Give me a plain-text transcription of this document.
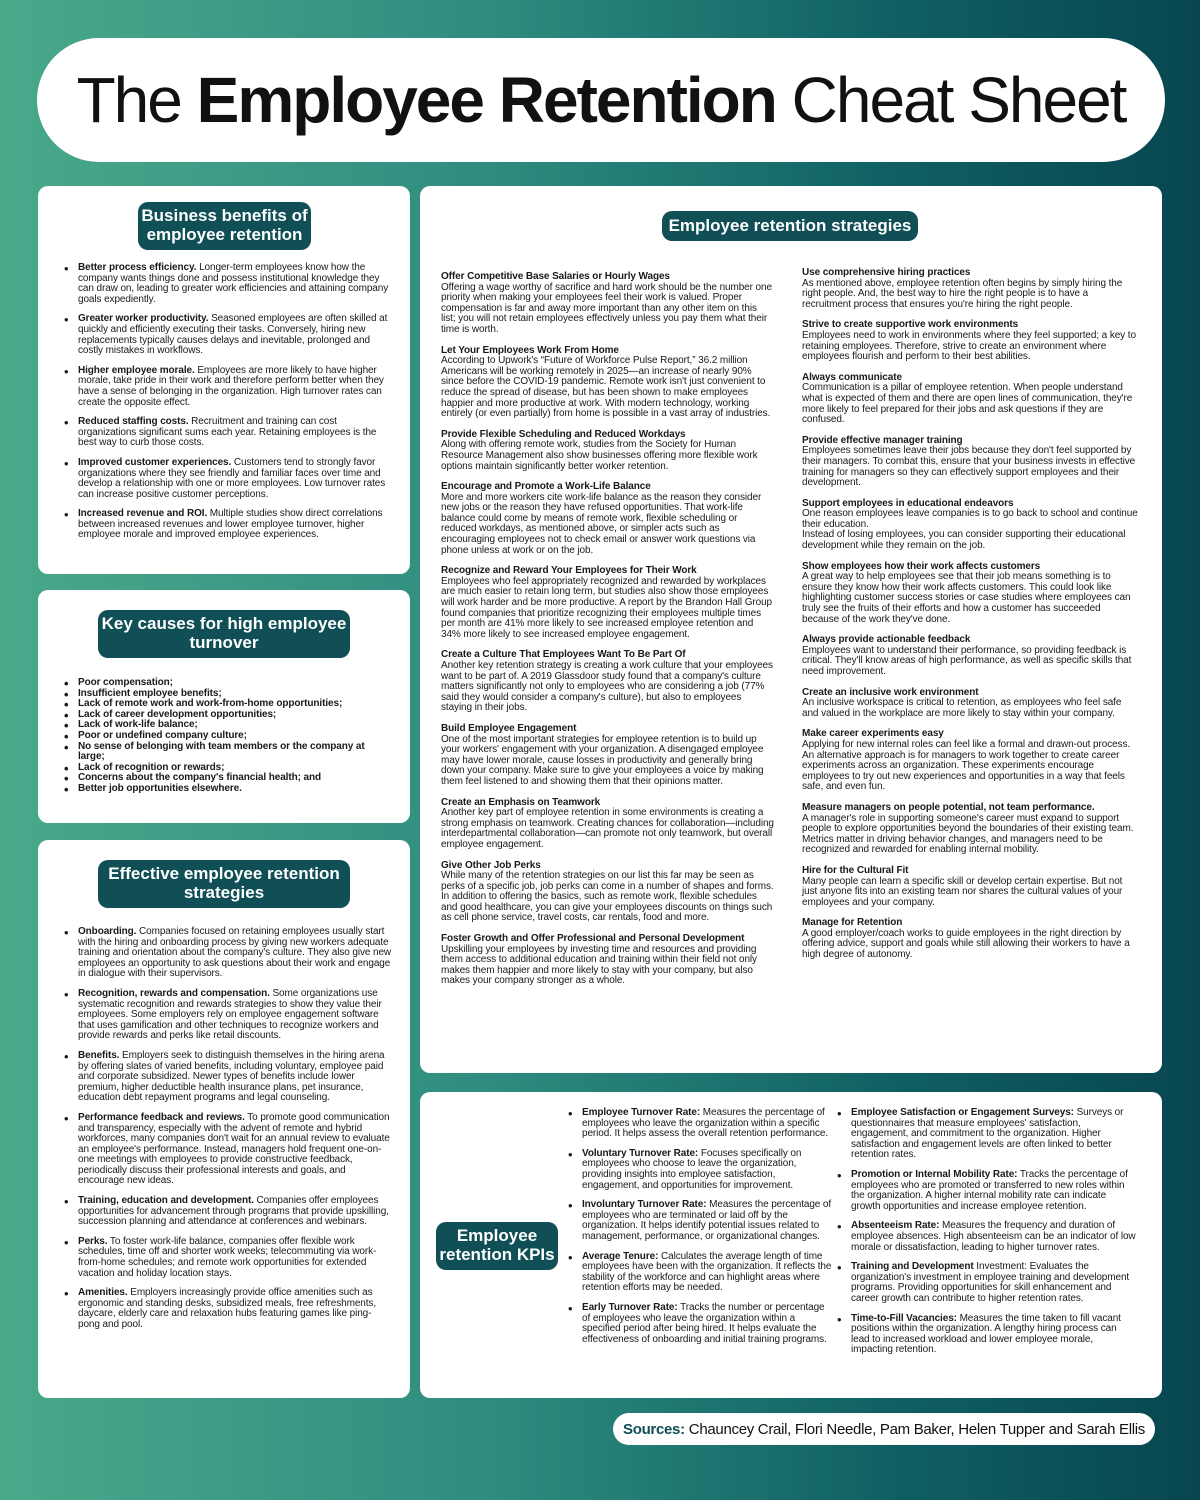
The
Employee Retention
Cheat Sheet
Business benefits of employee retention
• Better process efficiency. Longer-term employees know how the company wants things done and possess institutional knowledge they can draw on, leading to greater work efficiencies and attaining company goals expediently.
• Greater worker productivity. Seasoned employees are often skilled at quickly and efficiently executing their tasks. Conversely, hiring new replacements typically causes delays and inevitable, prolonged and costly mistakes in workflows.
• Higher employee morale. Employees are more likely to have higher morale, take pride in their work and therefore perform better when they have a sense of belonging in the organization. High turnover rates can create the opposite effect.
• Reduced staffing costs. Recruitment and training can cost organizations significant sums each year. Retaining employees is the best way to curb those costs.
• Improved customer experiences. Customers tend to strongly favor organizations where they see friendly and familiar faces over time and develop a relationship with one or more employees. Low turnover rates can increase positive customer perceptions.
• Increased revenue and ROI. Multiple studies show direct correlations between increased revenues and lower employee turnover, higher employee morale and improved employee experiences.
Key causes for high employee turnover
• Poor compensation;
• Insufficient employee benefits;
• Lack of remote work and work-from-home opportunities;
• Lack of career development opportunities;
• Lack of work-life balance;
• Poor or undefined company culture;
• No sense of belonging with team members or the company at large;
• Lack of recognition or rewards;
• Concerns about the company's financial health; and
• Better job opportunities elsewhere.
Effective employee retention strategies
• Onboarding. Companies focused on retaining employees usually start with the hiring and onboarding process by giving new workers adequate training and orientation about the company's culture. They also give new employees an opportunity to ask questions about their work and engage in dialogue with their supervisors.
• Recognition, rewards and compensation. Some organizations use systematic recognition and rewards strategies to show they value their employees. Some employers rely on employee engagement software that uses gamification and other techniques to recognize workers and provide rewards and perks like retail discounts.
• Benefits. Employers seek to distinguish themselves in the hiring arena by offering slates of varied benefits, including voluntary, employee paid and corporate subsidized. Newer types of benefits include lower premium, higher deductible health insurance plans, pet insurance, education debt repayment programs and legal counseling.
• Performance feedback and reviews. To promote good communication and transparency, especially with the advent of remote and hybrid workforces, many companies don't wait for an annual review to evaluate an employee's performance. Instead, managers hold frequent one-on-one meetings with employees to provide constructive feedback, periodically discuss their professional interests and goals, and encourage new ideas.
• Training, education and development. Companies offer employees opportunities for advancement through programs that provide upskilling, succession planning and attendance at conferences and webinars.
• Perks. To foster work-life balance, companies offer flexible work schedules, time off and shorter work weeks; telecommuting via work-from-home schedules; and remote work opportunities for extended vacation and holiday location stays.
• Amenities. Employers increasingly provide office amenities such as ergonomic and standing desks, subsidized meals, free refreshments, daycare, elderly care and relaxation hubs featuring games like ping-pong and pool.
Employee retention strategies
Offer Competitive Base Salaries or Hourly Wages
Offering a wage worthy of sacrifice and hard work should be the number one priority when making your employees feel their work is valued. Proper compensation is far and away more important than any other item on this list; you will not retain employees effectively unless you pay them what their time is worth.
Let Your Employees Work From Home
According to Upwork's “Future of Workforce Pulse Report,” 36.2 million Americans will be working remotely in 2025—an increase of nearly 90% since before the COVID-19 pandemic. Remote work isn't just convenient to reduce the spread of disease, but has been shown to make employees happier and more productive at work. With modern technology, working entirely (or even partially) from home is possible in a vast array of industries.
Provide Flexible Scheduling and Reduced Workdays
Along with offering remote work, studies from the Society for Human Resource Management also show businesses offering more flexible work options maintain significantly better worker retention.
Encourage and Promote a Work-Life Balance
More and more workers cite work-life balance as the reason they consider new jobs or the reason they have refused opportunities. That work-life balance could come by means of remote work, flexible scheduling or reduced workdays, as mentioned above, or simpler acts such as encouraging employees not to check email or answer work questions via phone unless at work or on the job.
Recognize and Reward Your Employees for Their Work
Employees who feel appropriately recognized and rewarded by workplaces are much easier to retain long term, but studies also show those employees will work harder and be more productive. A report by the Brandon Hall Group found companies that prioritize recognizing their employees multiple times per month are 41% more likely to see increased employee retention and 34% more likely to see increased employee engagement.
Create a Culture That Employees Want To Be Part Of
Another key retention strategy is creating a work culture that your employees want to be part of. A 2019 Glassdoor study found that a company's culture matters significantly not only to employees who are considering a job (77% said they would consider a company's culture), but also to employees staying in their jobs.
Build Employee Engagement
One of the most important strategies for employee retention is to build up your workers' engagement with your organization. A disengaged employee may have lower morale, cause losses in productivity and generally bring down your company. Make sure to give your employees a voice by making them feel listened to and showing them that their opinions matter.
Create an Emphasis on Teamwork
Another key part of employee retention in some environments is creating a strong emphasis on teamwork. Creating chances for collaboration—including interdepartmental collaboration—can promote not only teamwork, but overall employee engagement.
Give Other Job Perks
While many of the retention strategies on our list this far may be seen as perks of a specific job, job perks can come in a number of shapes and forms. In addition to offering the basics, such as remote work, flexible schedules and good healthcare, you can give your employees discounts on things such as cell phone service, travel costs, car rentals, food and more.
Foster Growth and Offer Professional and Personal Development
Upskilling your employees by investing time and resources and providing them access to additional education and training within their field not only makes them happier and more likely to stay with your company, but also makes your company stronger as a whole.
Use comprehensive hiring practices
As mentioned above, employee retention often begins by simply hiring the right people. And, the best way to hire the right people is to have a recruitment process that ensures you're hiring the right people.
Strive to create supportive work environments
Employees need to work in environments where they feel supported; a key to retaining employees. Therefore, strive to create an environment where employees flourish and perform to their best abilities.
Always communicate
Communication is a pillar of employee retention. When people understand what is expected of them and there are open lines of communication, they're more likely to feel prepared for their jobs and ask questions if they are confused.
Provide effective manager training
Employees sometimes leave their jobs because they don't feel supported by their managers. To combat this, ensure that your business invests in effective training for managers so they can effectively support employees and their development.
Support employees in educational endeavors
One reason employees leave companies is to go back to school and continue their education.
Instead of losing employees, you can consider supporting their educational development while they remain on the job.
Show employees how their work affects customers
A great way to help employees see that their job means something is to ensure they know how their work affects customers. This could look like highlighting customer success stories or case studies where employees can truly see the fruits of their efforts and how a customer has succeeded because of the work they've done.
Always provide actionable feedback
Employees want to understand their performance, so providing feedback is critical. They'll know areas of high performance, as well as specific skills that need improvement.
Create an inclusive work environment
An inclusive workspace is critical to retention, as employees who feel safe and valued in the workplace are more likely to stay within your company.
Make career experiments easy
Applying for new internal roles can feel like a formal and drawn-out process. An alternative approach is for managers to work together to create career experiments across an organization. These experiments encourage employees to try out new experiences and opportunities in a way that feels safe, and even fun.
Measure managers on people potential, not team performance.
A manager's role in supporting someone's career must expand to support people to explore opportunities beyond the boundaries of their existing team. Metrics matter in driving behavior changes, and managers need to be recognized and rewarded for enabling internal mobility.
Hire for the Cultural Fit
Many people can learn a specific skill or develop certain expertise. But not just anyone fits into an existing team nor shares the cultural values of your employees and your company.
Manage for Retention
A good employer/coach works to guide employees in the right direction by offering advice, support and goals while still allowing their workers to have a high degree of autonomy.
Employee retention KPIs
• Employee Turnover Rate: Measures the percentage of employees who leave the organization within a specific period. It helps assess the overall retention performance.
• Voluntary Turnover Rate: Focuses specifically on employees who choose to leave the organization, providing insights into employee satisfaction, engagement, and opportunities for improvement.
• Involuntary Turnover Rate: Measures the percentage of employees who are terminated or laid off by the organization. It helps identify potential issues related to management, performance, or organizational changes.
• Average Tenure: Calculates the average length of time employees have been with the organization. It reflects the stability of the workforce and can highlight areas where retention efforts may be needed.
• Early Turnover Rate: Tracks the number or percentage of employees who leave the organization within a specified period after being hired. It helps evaluate the effectiveness of onboarding and initial training programs.
• Employee Satisfaction or Engagement Surveys: Surveys or questionnaires that measure employees' satisfaction, engagement, and commitment to the organization. Higher satisfaction and engagement levels are often linked to better retention rates.
• Promotion or Internal Mobility Rate: Tracks the percentage of employees who are promoted or transferred to new roles within the organization. A higher internal mobility rate can indicate growth opportunities and increase employee retention.
• Absenteeism Rate: Measures the frequency and duration of employee absences. High absenteeism can be an indicator of low morale or dissatisfaction, leading to higher turnover rates.
• Training and Development Investment: Evaluates the organization's investment in employee training and development programs. Providing opportunities for skill enhancement and career growth can contribute to higher retention rates.
• Time-to-Fill Vacancies: Measures the time taken to fill vacant positions within the organization. A lengthy hiring process can lead to increased workload and lower employee morale, impacting retention.
Sources: Chauncey Crail, Flori Needle, Pam Baker, Helen Tupper and Sarah Ellis
